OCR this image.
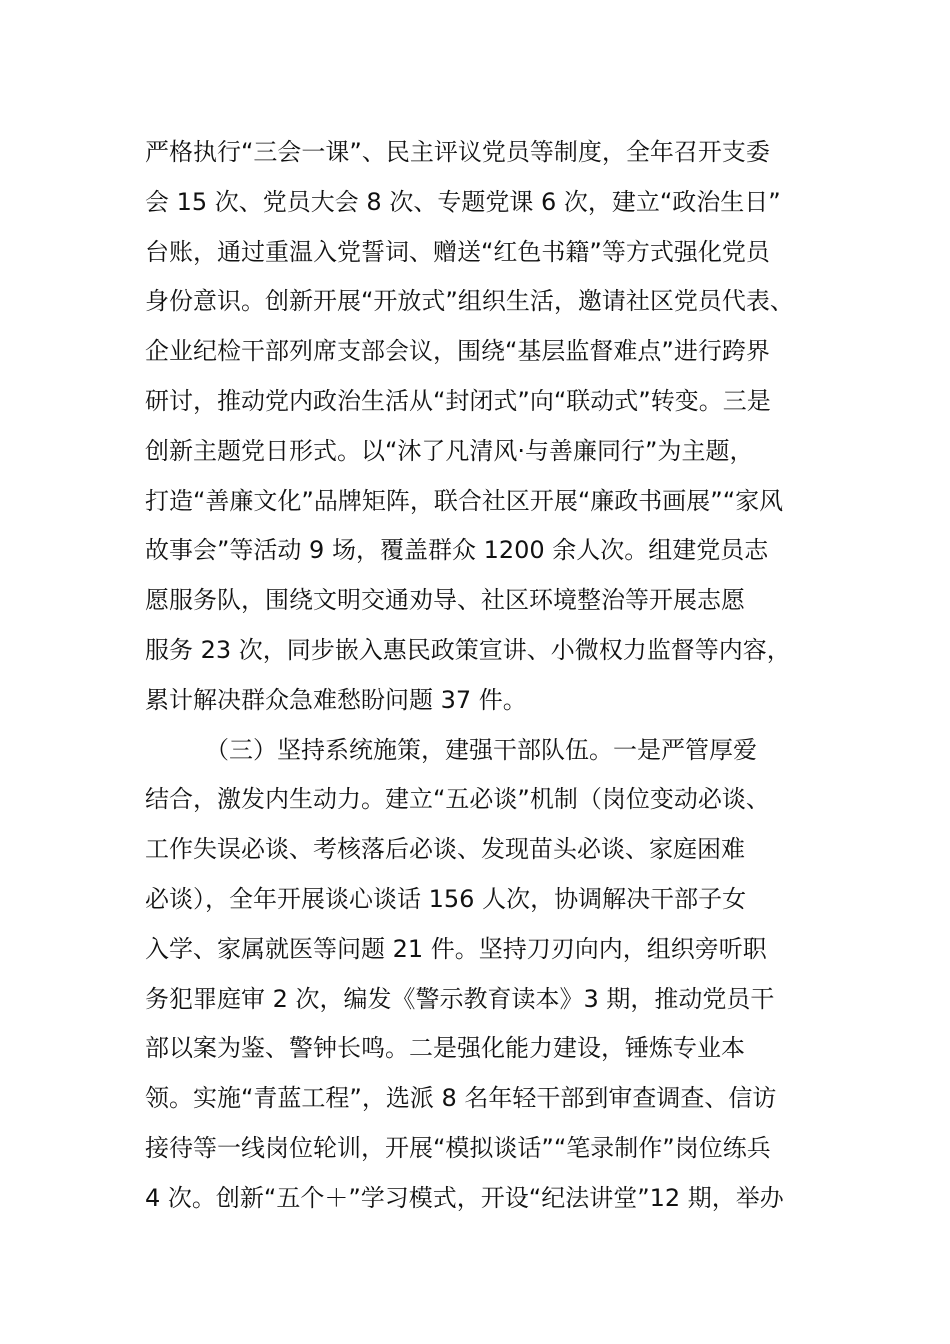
严格执行“三会一课”、民主评议党员等制度，全年召开支委
会 15 次、党员大会 8 次、专题党课 6 次，建立“政治生日”
台账，通过重温入党誓词、赠送“红色书籍”等方式强化党员
身份意识。创新开展“开放式”组织生活，邀请社区党员代表、
企业纪检干部列席支部会议，围绕“基层监督难点”进行跨界
研讨，推动党内政治生活从“封闭式”向“联动式”转变。三是
创新主题党日形式。以“沐了凡清风·与善廉同行”为主题，
打造“善廉文化”品牌矩阵，联合社区开展“廉政书画展”“家风
故事会”等活动 9 场，覆盖群众 1200 余人次。组建党员志
愿服务队，围绕文明交通劝导、社区环境整治等开展志愿
服务 23 次，同步嵌入惠民政策宣讲、小微权力监督等内容，
累计解决群众急难愁盼问题 37 件。
（三）坚持系统施策，建强干部队伍。一是严管厚爱
结合，激发内生动力。建立“五必谈”机制（岗位变动必谈、
工作失误必谈、考核落后必谈、发现苗头必谈、家庭困难
必谈），全年开展谈心谈话 156 人次，协调解决干部子女
入学、家属就医等问题 21 件。坚持刀刃向内，组织旁听职
务犯罪庭审 2 次，编发《警示教育读本》3 期，推动党员干
部以案为鉴、警钟长鸣。二是强化能力建设，锤炼专业本
领。实施“青蓝工程”，选派 8 名年轻干部到审查调查、信访
接待等一线岗位轮训，开展“模拟谈话”“笔录制作”岗位练兵
4 次。创新“五个＋”学习模式，开设“纪法讲堂”12 期，举办
